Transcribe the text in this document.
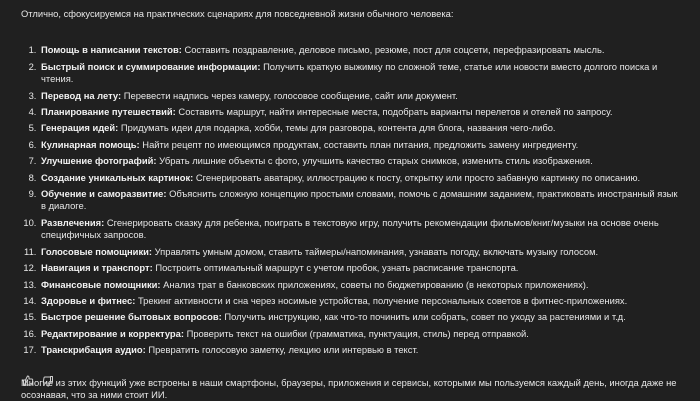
Отлично, сфокусируемся на практических сценариях для повседневной жизни обычного человека:

1. Помощь в написании текстов: Составить поздравление, деловое письмо, резюме, пост для соцсети, перефразировать мысль.
2. Быстрый поиск и суммирование информации: Получить краткую выжимку по сложной теме, статье или новости вместо долгого поиска и чтения.
3. Перевод на лету: Перевести надпись через камеру, голосовое сообщение, сайт или документ.
4. Планирование путешествий: Составить маршрут, найти интересные места, подобрать варианты перелетов и отелей по запросу.
5. Генерация идей: Придумать идеи для подарка, хобби, темы для разговора, контента для блога, названия чего-либо.
6. Кулинарная помощь: Найти рецепт по имеющимся продуктам, составить план питания, предложить замену ингредиенту.
7. Улучшение фотографий: Убрать лишние объекты с фото, улучшить качество старых снимков, изменить стиль изображения.
8. Создание уникальных картинок: Сгенерировать аватарку, иллюстрацию к посту, открытку или просто забавную картинку по описанию.
9. Обучение и саморазвитие: Объяснить сложную концепцию простыми словами, помочь с домашним заданием, практиковать иностранный язык в диалоге.
10. Развлечения: Сгенерировать сказку для ребенка, поиграть в текстовую игру, получить рекомендации фильмов/книг/музыки на основе очень специфичных запросов.
11. Голосовые помощники: Управлять умным домом, ставить таймеры/напоминания, узнавать погоду, включать музыку голосом.
12. Навигация и транспорт: Построить оптимальный маршрут с учетом пробок, узнать расписание транспорта.
13. Финансовые помощники: Анализ трат в банковских приложениях, советы по бюджетированию (в некоторых приложениях).
14. Здоровье и фитнес: Трекинг активности и сна через носимые устройства, получение персональных советов в фитнес-приложениях.
15. Быстрое решение бытовых вопросов: Получить инструкцию, как что-то починить или собрать, совет по уходу за растениями и т.д.
16. Редактирование и корректура: Проверить текст на ошибки (грамматика, пунктуация, стиль) перед отправкой.
17. Транскрибация аудио: Превратить голосовую заметку, лекцию или интервью в текст.

Многие из этих функций уже встроены в наши смартфоны, браузеры, приложения и сервисы, которыми мы пользуемся каждый день, иногда даже не осознавая, что за ними стоит ИИ.
